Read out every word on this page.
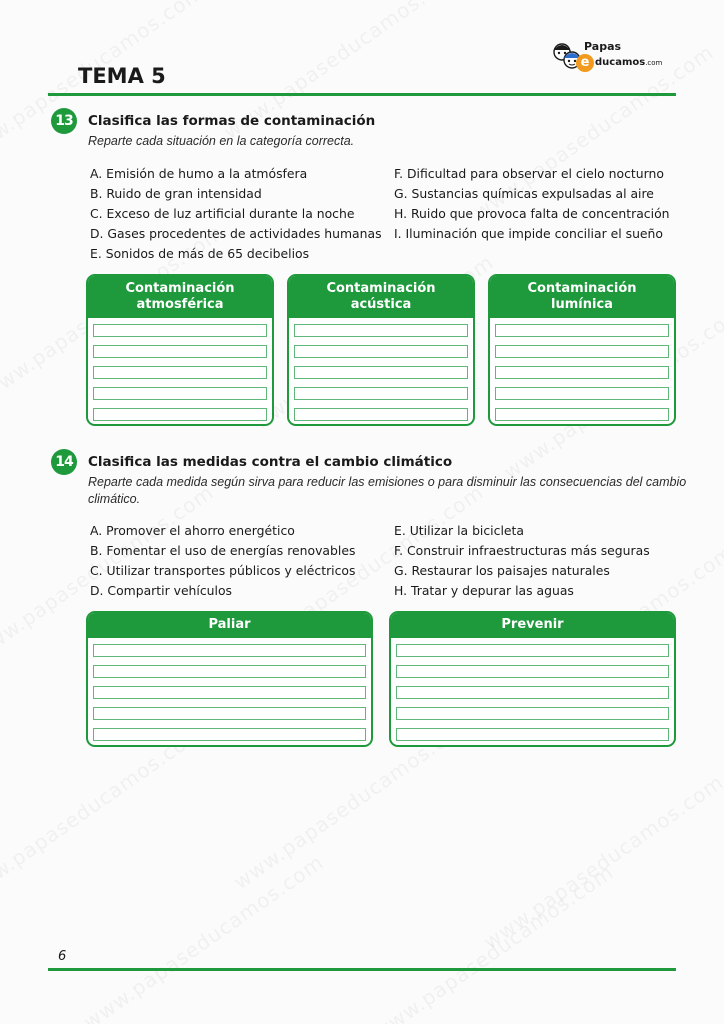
Papas
e ducamos.com
TEMA 5
13	Clasifica las formas de contaminación
Reparte cada situación en la categoría correcta.
A. Emisión de humo a la atmósfera
B. Ruido de gran intensidad
C. Exceso de luz artificial durante la noche
D. Gases procedentes de actividades humanas
E. Sonidos de más de 65 decibelios
F. Dificultad para observar el cielo nocturno
G. Sustancias químicas expulsadas al aire
H. Ruido que provoca falta de concentración
I. Iluminación que impide conciliar el sueño
Contaminación
atmosférica
Contaminación
acústica
Contaminación
lumínica
14	Clasifica las medidas contra el cambio climático
Reparte cada medida según sirva para reducir las emisiones o para disminuir las consecuencias del cambio
climático.
A. Promover el ahorro energético
B. Fomentar el uso de energías renovables
C. Utilizar transportes públicos y eléctricos
D. Compartir vehículos
E. Utilizar la bicicleta
F. Construir infraestructuras más seguras
G. Restaurar los paisajes naturales
H. Tratar y depurar las aguas
Paliar	Prevenir
6
